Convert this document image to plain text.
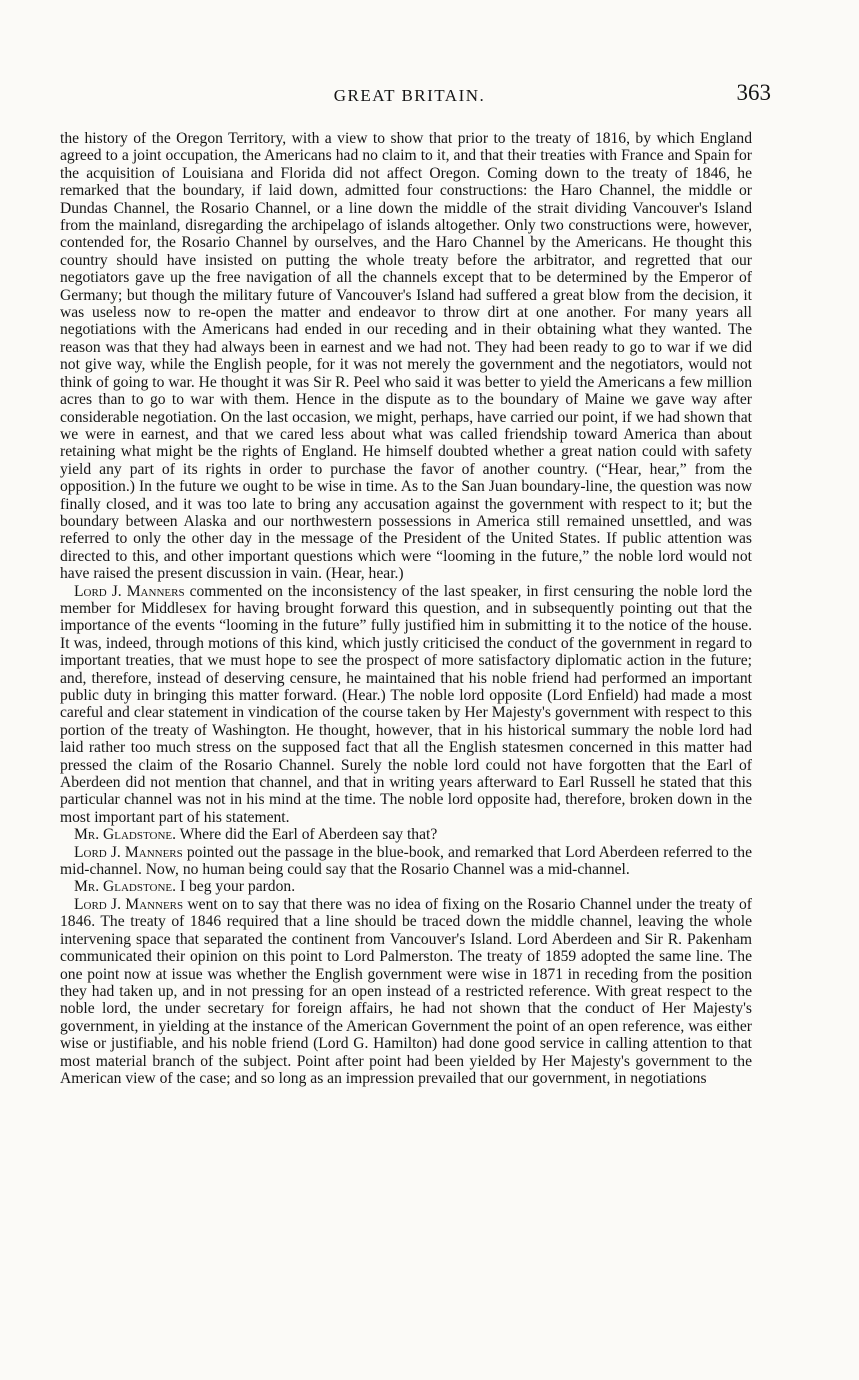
GREAT BRITAIN.	363

the history of the Oregon Territory, with a view to show that prior to the treaty of 1816, by which England agreed to a joint occupation, the Americans had no claim to it, and that their treaties with France and Spain for the acquisition of Louisiana and Florida did not affect Oregon. Coming down to the treaty of 1846, he remarked that the boundary, if laid down, admitted four constructions: the Haro Channel, the middle or Dundas Channel, the Rosario Channel, or a line down the middle of the strait dividing Vancouver's Island from the mainland, disregarding the archipelago of islands altogether. Only two constructions were, however, contended for, the Rosario Channel by ourselves, and the Haro Channel by the Americans. He thought this country should have insisted on putting the whole treaty before the arbitrator, and regretted that our negotiators gave up the free navigation of all the channels except that to be determined by the Emperor of Germany; but though the military future of Vancouver's Island had suffered a great blow from the decision, it was useless now to re-open the matter and endeavor to throw dirt at one another. For many years all negotiations with the Americans had ended in our receding and in their obtaining what they wanted. The reason was that they had always been in earnest and we had not. They had been ready to go to war if we did not give way, while the English people, for it was not merely the government and the negotiators, would not think of going to war. He thought it was Sir R. Peel who said it was better to yield the Americans a few million acres than to go to war with them. Hence in the dispute as to the boundary of Maine we gave way after considerable negotiation. On the last occasion, we might, perhaps, have carried our point, if we had shown that we were in earnest, and that we cared less about what was called friendship toward America than about retaining what might be the rights of England. He himself doubted whether a great nation could with safety yield any part of its rights in order to purchase the favor of another country. (“Hear, hear,” from the opposition.) In the future we ought to be wise in time. As to the San Juan boundary-line, the question was now finally closed, and it was too late to bring any accusation against the government with respect to it; but the boundary between Alaska and our northwestern possessions in America still remained unsettled, and was referred to only the other day in the message of the President of the United States. If public attention was directed to this, and other important questions which were “looming in the future,” the noble lord would not have raised the present discussion in vain. (Hear, hear.)

Lord J. Manners commented on the inconsistency of the last speaker, in first censuring the noble lord the member for Middlesex for having brought forward this question, and in subsequently pointing out that the importance of the events “looming in the future” fully justified him in submitting it to the notice of the house. It was, indeed, through motions of this kind, which justly criticised the conduct of the government in regard to important treaties, that we must hope to see the prospect of more satisfactory diplomatic action in the future; and, therefore, instead of deserving censure, he maintained that his noble friend had performed an important public duty in bringing this matter forward. (Hear.) The noble lord opposite (Lord Enfield) had made a most careful and clear statement in vindication of the course taken by Her Majesty's government with respect to this portion of the treaty of Washington. He thought, however, that in his historical summary the noble lord had laid rather too much stress on the supposed fact that all the English statesmen concerned in this matter had pressed the claim of the Rosario Channel. Surely the noble lord could not have forgotten that the Earl of Aberdeen did not mention that channel, and that in writing years afterward to Earl Russell he stated that this particular channel was not in his mind at the time. The noble lord opposite had, therefore, broken down in the most important part of his statement.

Mr. Gladstone. Where did the Earl of Aberdeen say that?

Lord J. Manners pointed out the passage in the blue-book, and remarked that Lord Aberdeen referred to the mid-channel. Now, no human being could say that the Rosario Channel was a mid-channel.

Mr. Gladstone. I beg your pardon.

Lord J. Manners went on to say that there was no idea of fixing on the Rosario Channel under the treaty of 1846. The treaty of 1846 required that a line should be traced down the middle channel, leaving the whole intervening space that separated the continent from Vancouver's Island. Lord Aberdeen and Sir R. Pakenham communicated their opinion on this point to Lord Palmerston. The treaty of 1859 adopted the same line. The one point now at issue was whether the English government were wise in 1871 in receding from the position they had taken up, and in not pressing for an open instead of a restricted reference. With great respect to the noble lord, the under secretary for foreign affairs, he had not shown that the conduct of Her Majesty's government, in yielding at the instance of the American Government the point of an open reference, was either wise or justifiable, and his noble friend (Lord G. Hamilton) had done good service in calling attention to that most material branch of the subject. Point after point had been yielded by Her Majesty's government to the American view of the case; and so long as an impression prevailed that our government, in negotiations
